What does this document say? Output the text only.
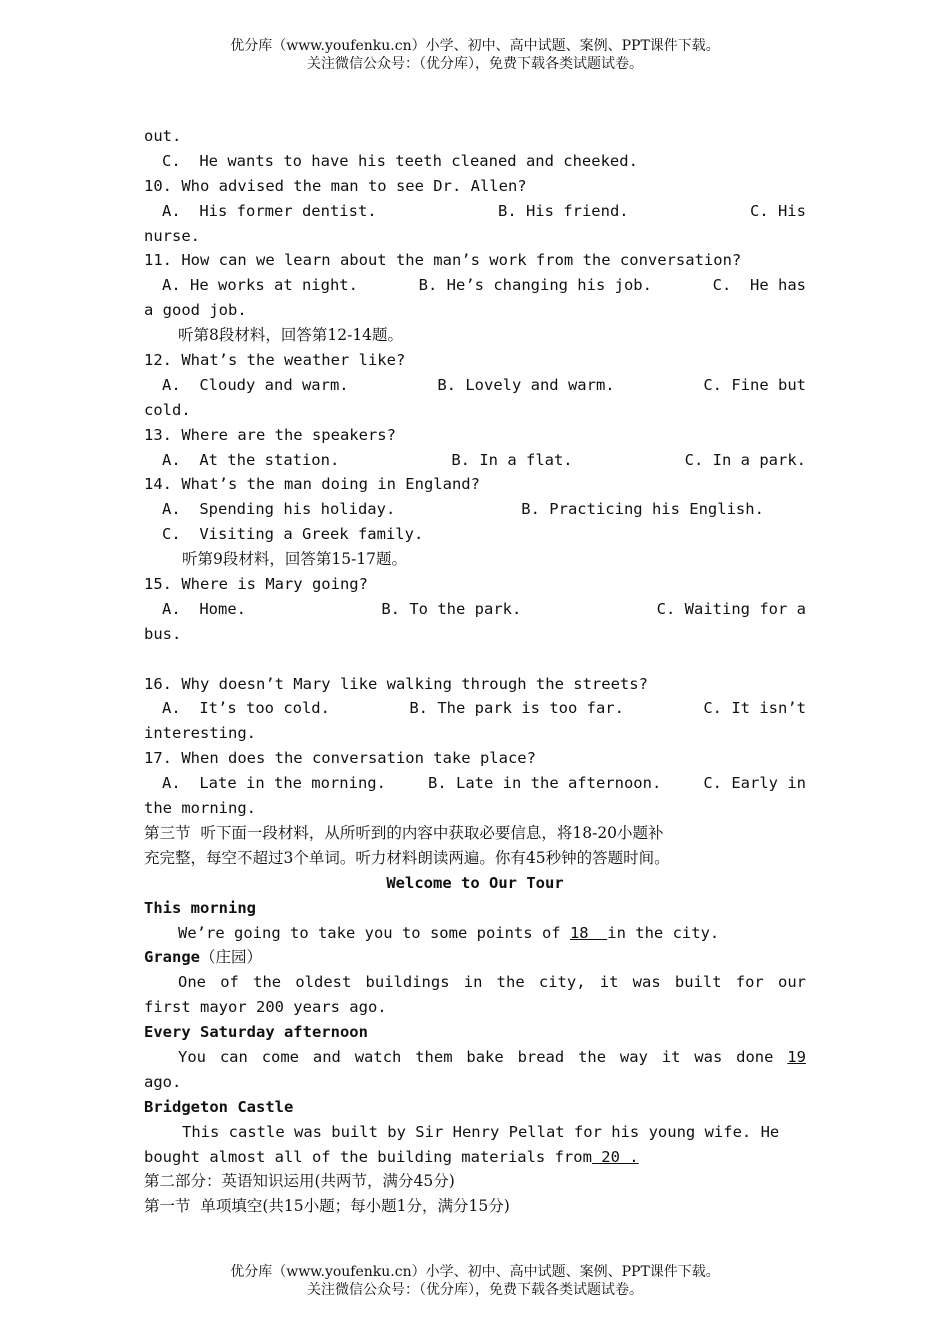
优分库（www.youfenku.cn）小学、初中、高中试题、案例、PPT课件下载。
关注微信公众号：（优分库），免费下载各类试题试卷。
out.
C.  He wants to have his teeth cleaned and cheeked.
10. Who advised the man to see Dr. Allen?
A.  His former dentist.	B. His friend.	C. His
nurse.
11. How can we learn about the man’s work from the conversation?
A. He works at night.	B. He’s changing his job.	C.  He has
a good job.
听第8段材料，回答第12-14题。
12. What’s the weather like?
A.  Cloudy and warm.	B. Lovely and warm.	C. Fine but
cold.
13. Where are the speakers?
A.  At the station.	B. In a flat.	C. In a park.
14. What’s the man doing in England?
A.  Spending his holiday.	B. Practicing his English.
C.  Visiting a Greek family.
听第9段材料，回答第15-17题。
15. Where is Mary going?
A.  Home.	B. To the park.	C. Waiting for a
bus.
16. Why doesn’t Mary like walking through the streets?
A.  It’s too cold.	B. The park is too far.	C. It isn’t
interesting.
17. When does the conversation take place?
A.  Late in the morning.	B. Late in the afternoon.	C. Early in
the morning.
第三节  听下面一段材料，从所听到的内容中获取必要信息，将18-20小题补
充完整，每空不超过3个单词。听力材料朗读两遍。你有45秒钟的答题时间。
Welcome to Our Tour
This morning
We’re going to take you to some points of 18  in the city.
Grange（庄园）
One of the oldest buildings in the city, it was built for our
first mayor 200 years ago.
Every Saturday afternoon
You can come and watch them bake bread the way it was done 19
ago.
Bridgeton Castle
This castle was built by Sir Henry Pellat for his young wife. He
bought almost all of the building materials from 20 .
第二部分：英语知识运用(共两节，满分45分)
第一节  单项填空(共15小题；每小题1分，满分15分)
优分库（www.youfenku.cn）小学、初中、高中试题、案例、PPT课件下载。
关注微信公众号：（优分库），免费下载各类试题试卷。
